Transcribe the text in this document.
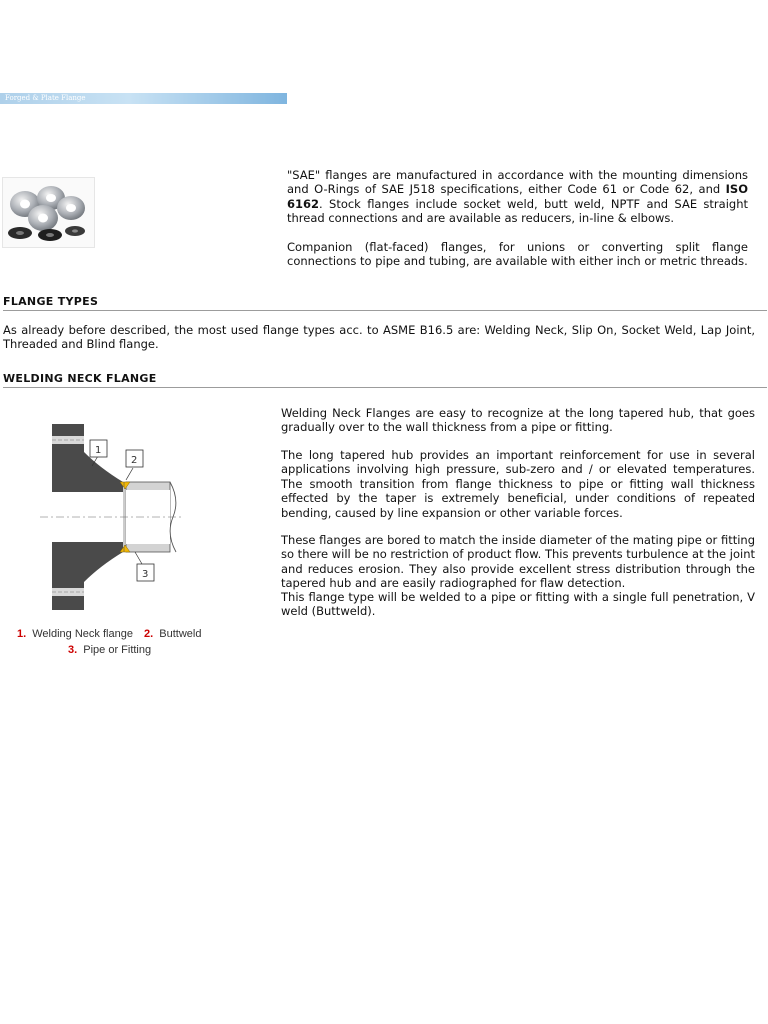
Forged & Plate Flange

"SAE" flanges are manufactured in accordance with the mounting dimensions and O-Rings of SAE J518 specifications, either Code 61 or Code 62, and ISO 6162. Stock flanges include socket weld, butt weld, NPTF and SAE straight thread connections and are available as reducers, in-line & elbows.

Companion (flat-faced) flanges, for unions or converting split flange connections to pipe and tubing, are available with either inch or metric threads.

FLANGE TYPES

As already before described, the most used flange types acc. to ASME B16.5 are: Welding Neck, Slip On, Socket Weld, Lap Joint, Threaded and Blind flange.

WELDING NECK FLANGE
1
2
3
1. Welding Neck flange 2. Buttweld
3. Pipe or Fitting

Welding Neck Flanges are easy to recognize at the long tapered hub, that goes gradually over to the wall thickness from a pipe or fitting.

The long tapered hub provides an important reinforcement for use in several applications involving high pressure, sub-zero and / or elevated temperatures. The smooth transition from flange thickness to pipe or fitting wall thickness effected by the taper is extremely beneficial, under conditions of repeated bending, caused by line expansion or other variable forces.

These flanges are bored to match the inside diameter of the mating pipe or fitting so there will be no restriction of product flow. This prevents turbulence at the joint and reduces erosion. They also provide excellent stress distribution through the tapered hub and are easily radiographed for flaw detection.

This flange type will be welded to a pipe or fitting with a single full penetration, V weld (Buttweld).
